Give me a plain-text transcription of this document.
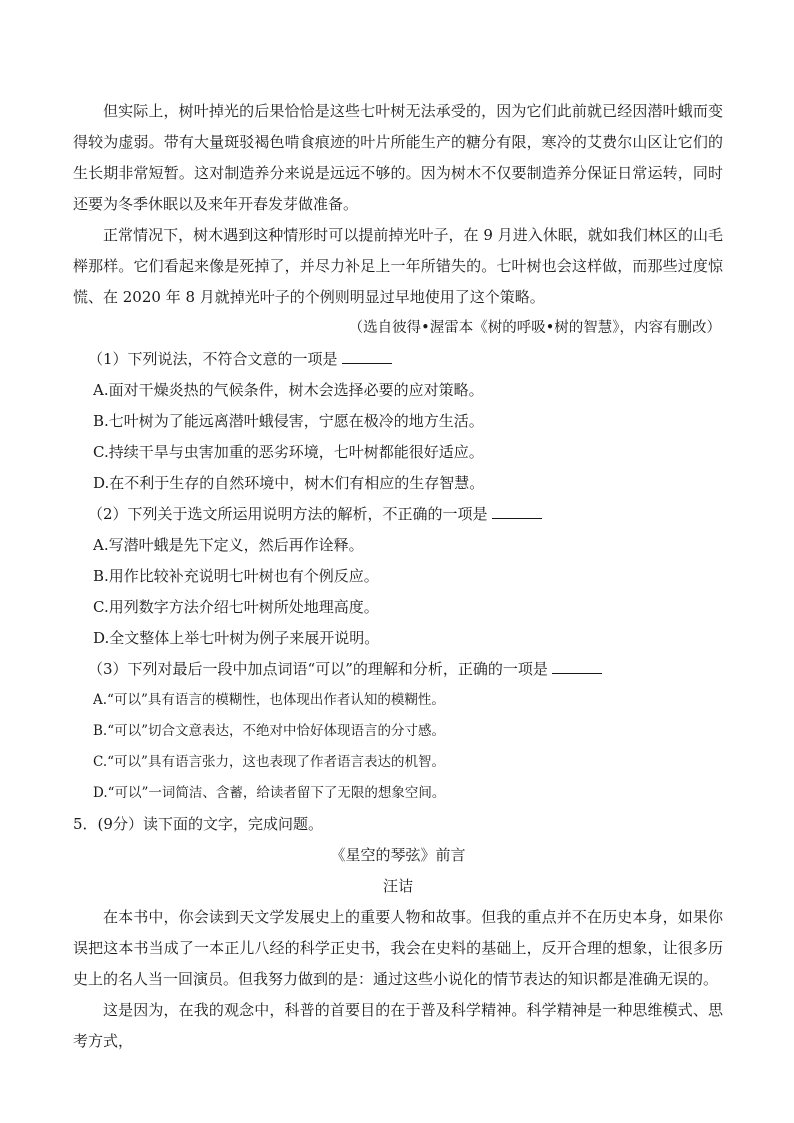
但实际上，树叶掉光的后果恰恰是这些七叶树无法承受的，因为它们此前就已经因潜叶蛾而变得较为虚弱。带有大量斑驳褐色啃食痕迹的叶片所能生产的糖分有限，寒冷的艾费尔山区让它们的生长期非常短暂。这对制造养分来说是远远不够的。因为树木不仅要制造养分保证日常运转，同时还要为冬季休眠以及来年开春发芽做准备。

正常情况下，树木遇到这种情形时可以提前掉光叶子，在 9 月进入休眠，就如我们林区的山毛榉那样。它们看起来像是死掉了，并尽力补足上一年所错失的。七叶树也会这样做，而那些过度惊慌、在 2020 年 8 月就掉光叶子的个例则明显过早地使用了这个策略。

（选自彼得•渥雷本《树的呼吸•树的智慧》，内容有删改）

（1）下列说法，不符合文意的一项是

A.面对干燥炎热的气候条件，树木会选择必要的应对策略。

B.七叶树为了能远离潜叶蛾侵害，宁愿在极冷的地方生活。

C.持续干旱与虫害加重的恶劣环境，七叶树都能很好适应。

D.在不利于生存的自然环境中，树木们有相应的生存智慧。

（2）下列关于选文所运用说明方法的解析，不正确的一项是

A.写潜叶蛾是先下定义，然后再作诠释。

B.用作比较补充说明七叶树也有个例反应。

C.用列数字方法介绍七叶树所处地理高度。

D.全文整体上举七叶树为例子来展开说明。

（3）下列对最后一段中加点词语“可以”的理解和分析，正确的一项是

A.“可以”具有语言的模糊性，也体现出作者认知的模糊性。

B.“可以”切合文意表达，不绝对中恰好体现语言的分寸感。

C.“可以”具有语言张力，这也表现了作者语言表达的机智。

D.“可以”一词简洁、含蓄，给读者留下了无限的想象空间。

5．(9分）读下面的文字，完成问题。

《星空的琴弦》前言

汪诘

在本书中，你会读到天文学发展史上的重要人物和故事。但我的重点并不在历史本身，如果你误把这本书当成了一本正儿八经的科学正史书，我会在史料的基础上，反开合理的想象，让很多历史上的名人当一回演员。但我努力做到的是：通过这些小说化的情节表达的知识都是准确无误的。

这是因为，在我的观念中，科普的首要目的在于普及科学精神。科学精神是一种思维模式、思考方式，
